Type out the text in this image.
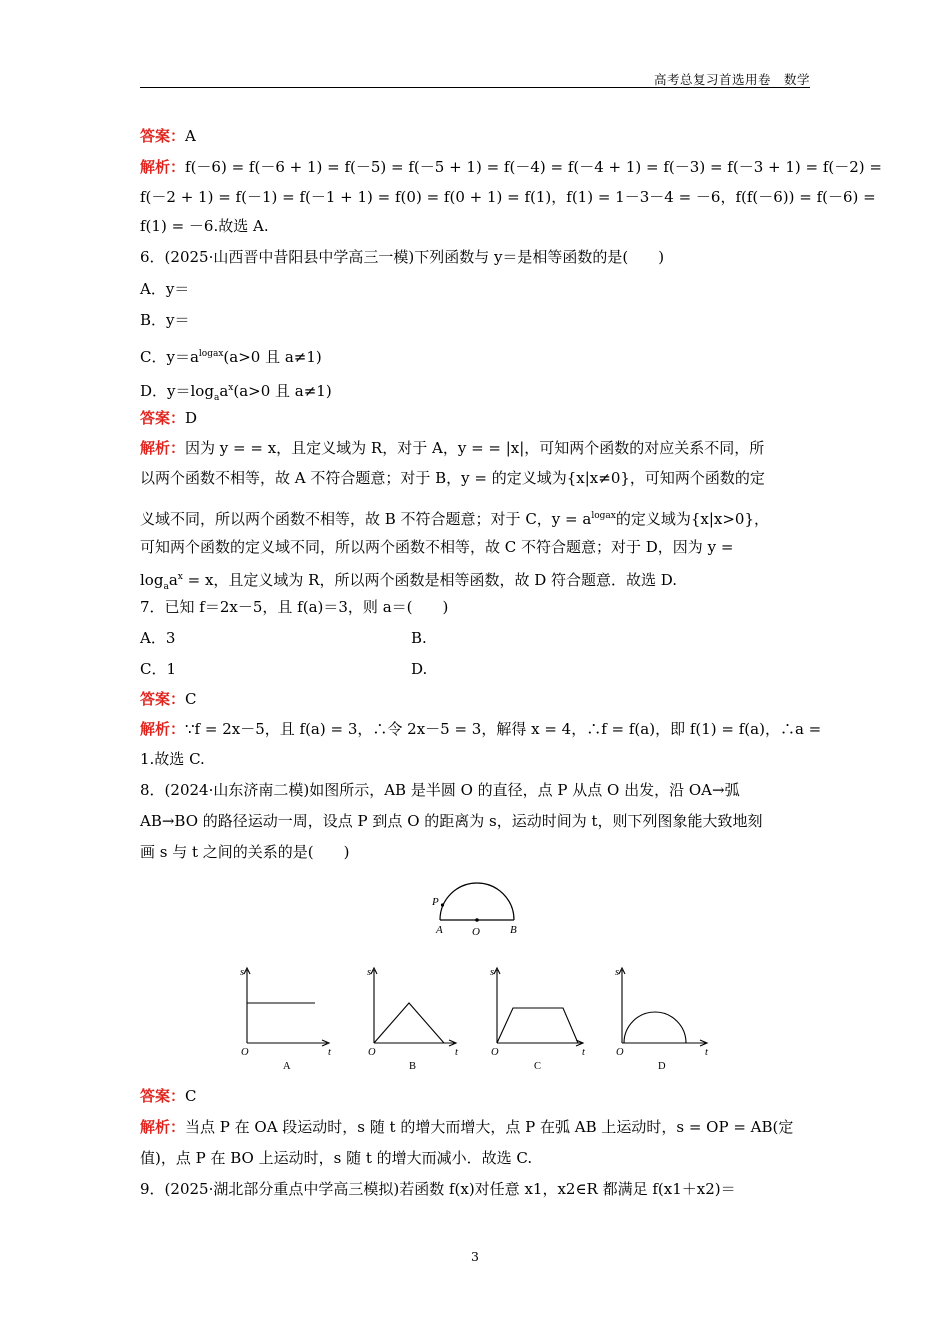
高考总复习首选用卷　数学
答案：A
解析：f(－6) = f(－6 + 1) = f(－5) = f(－5 + 1) = f(－4) = f(－4 + 1) = f(－3) = f(－3 + 1) = f(－2) =
f(－2 + 1) = f(－1) = f(－1 + 1) = f(0) = f(0 + 1) = f(1)，f(1) = 1－3－4 = －6，f(f(－6)) = f(－6) =
f(1) = －6.故选 A.
6．(2025·山西晋中昔阳县中学高三一模)下列函数与 y＝是相等函数的是(　　)
A．y＝
B．y＝
C．$y=a^{logax}(a>0$ 且 a≠1)
D．$y=\log_aa^x(a>0$ 且 a≠1)
答案：D
解析：因为 y = = x，且定义域为 R，对于 A，y = = |x|，可知两个函数的对应关系不同，所
以两个函数不相等，故 A 不符合题意；对于 B，y = 的定义域为{x|x≠0}，可知两个函数的定
义域不同，所以两个函数不相等，故 B 不符合题意；对于 C，$y = a^{logax}$的定义域为{x|x>0}，
可知两个函数的定义域不同，所以两个函数不相等，故 C 不符合题意；对于 D，因为 y =
$\log_aa^x = x$，且定义域为 R，所以两个函数是相等函数，故 D 符合题意．故选 D.
7．已知 f＝2x－5，且 f(a)＝3，则 a＝(　　)
A．3	B.
C．1	D.
答案：C
解析：∵f = 2x－5，且 f(a) = 3，∴令 2x－5 = 3，解得 x = 4，∴f = f(a)，即 f(1) = f(a)，∴a =
1.故选 C.
8．(2024·山东济南二模)如图所示，AB 是半圆 O 的直径，点 P 从点 O 出发，沿 OA→弧
AB→BO 的路径运动一周，设点 P 到点 O 的距离为 s，运动时间为 t，则下列图象能大致地刻
画 s 与 t 之间的关系的是(　　)
P
A	O	B
s
t
O
A
s
t
O
B
s
t
O
C
s
t
O
D
答案：C
解析：当点 P 在 OA 段运动时，s 随 t 的增大而增大，点 P 在弧 AB 上运动时，s = OP = AB(定
值)，点 P 在 BO 上运动时，s 随 t 的增大而减小．故选 C.
9．(2025·湖北部分重点中学高三模拟)若函数 f(x)对任意 x1，x2∈R 都满足 f(x1＋x2)＝
3
